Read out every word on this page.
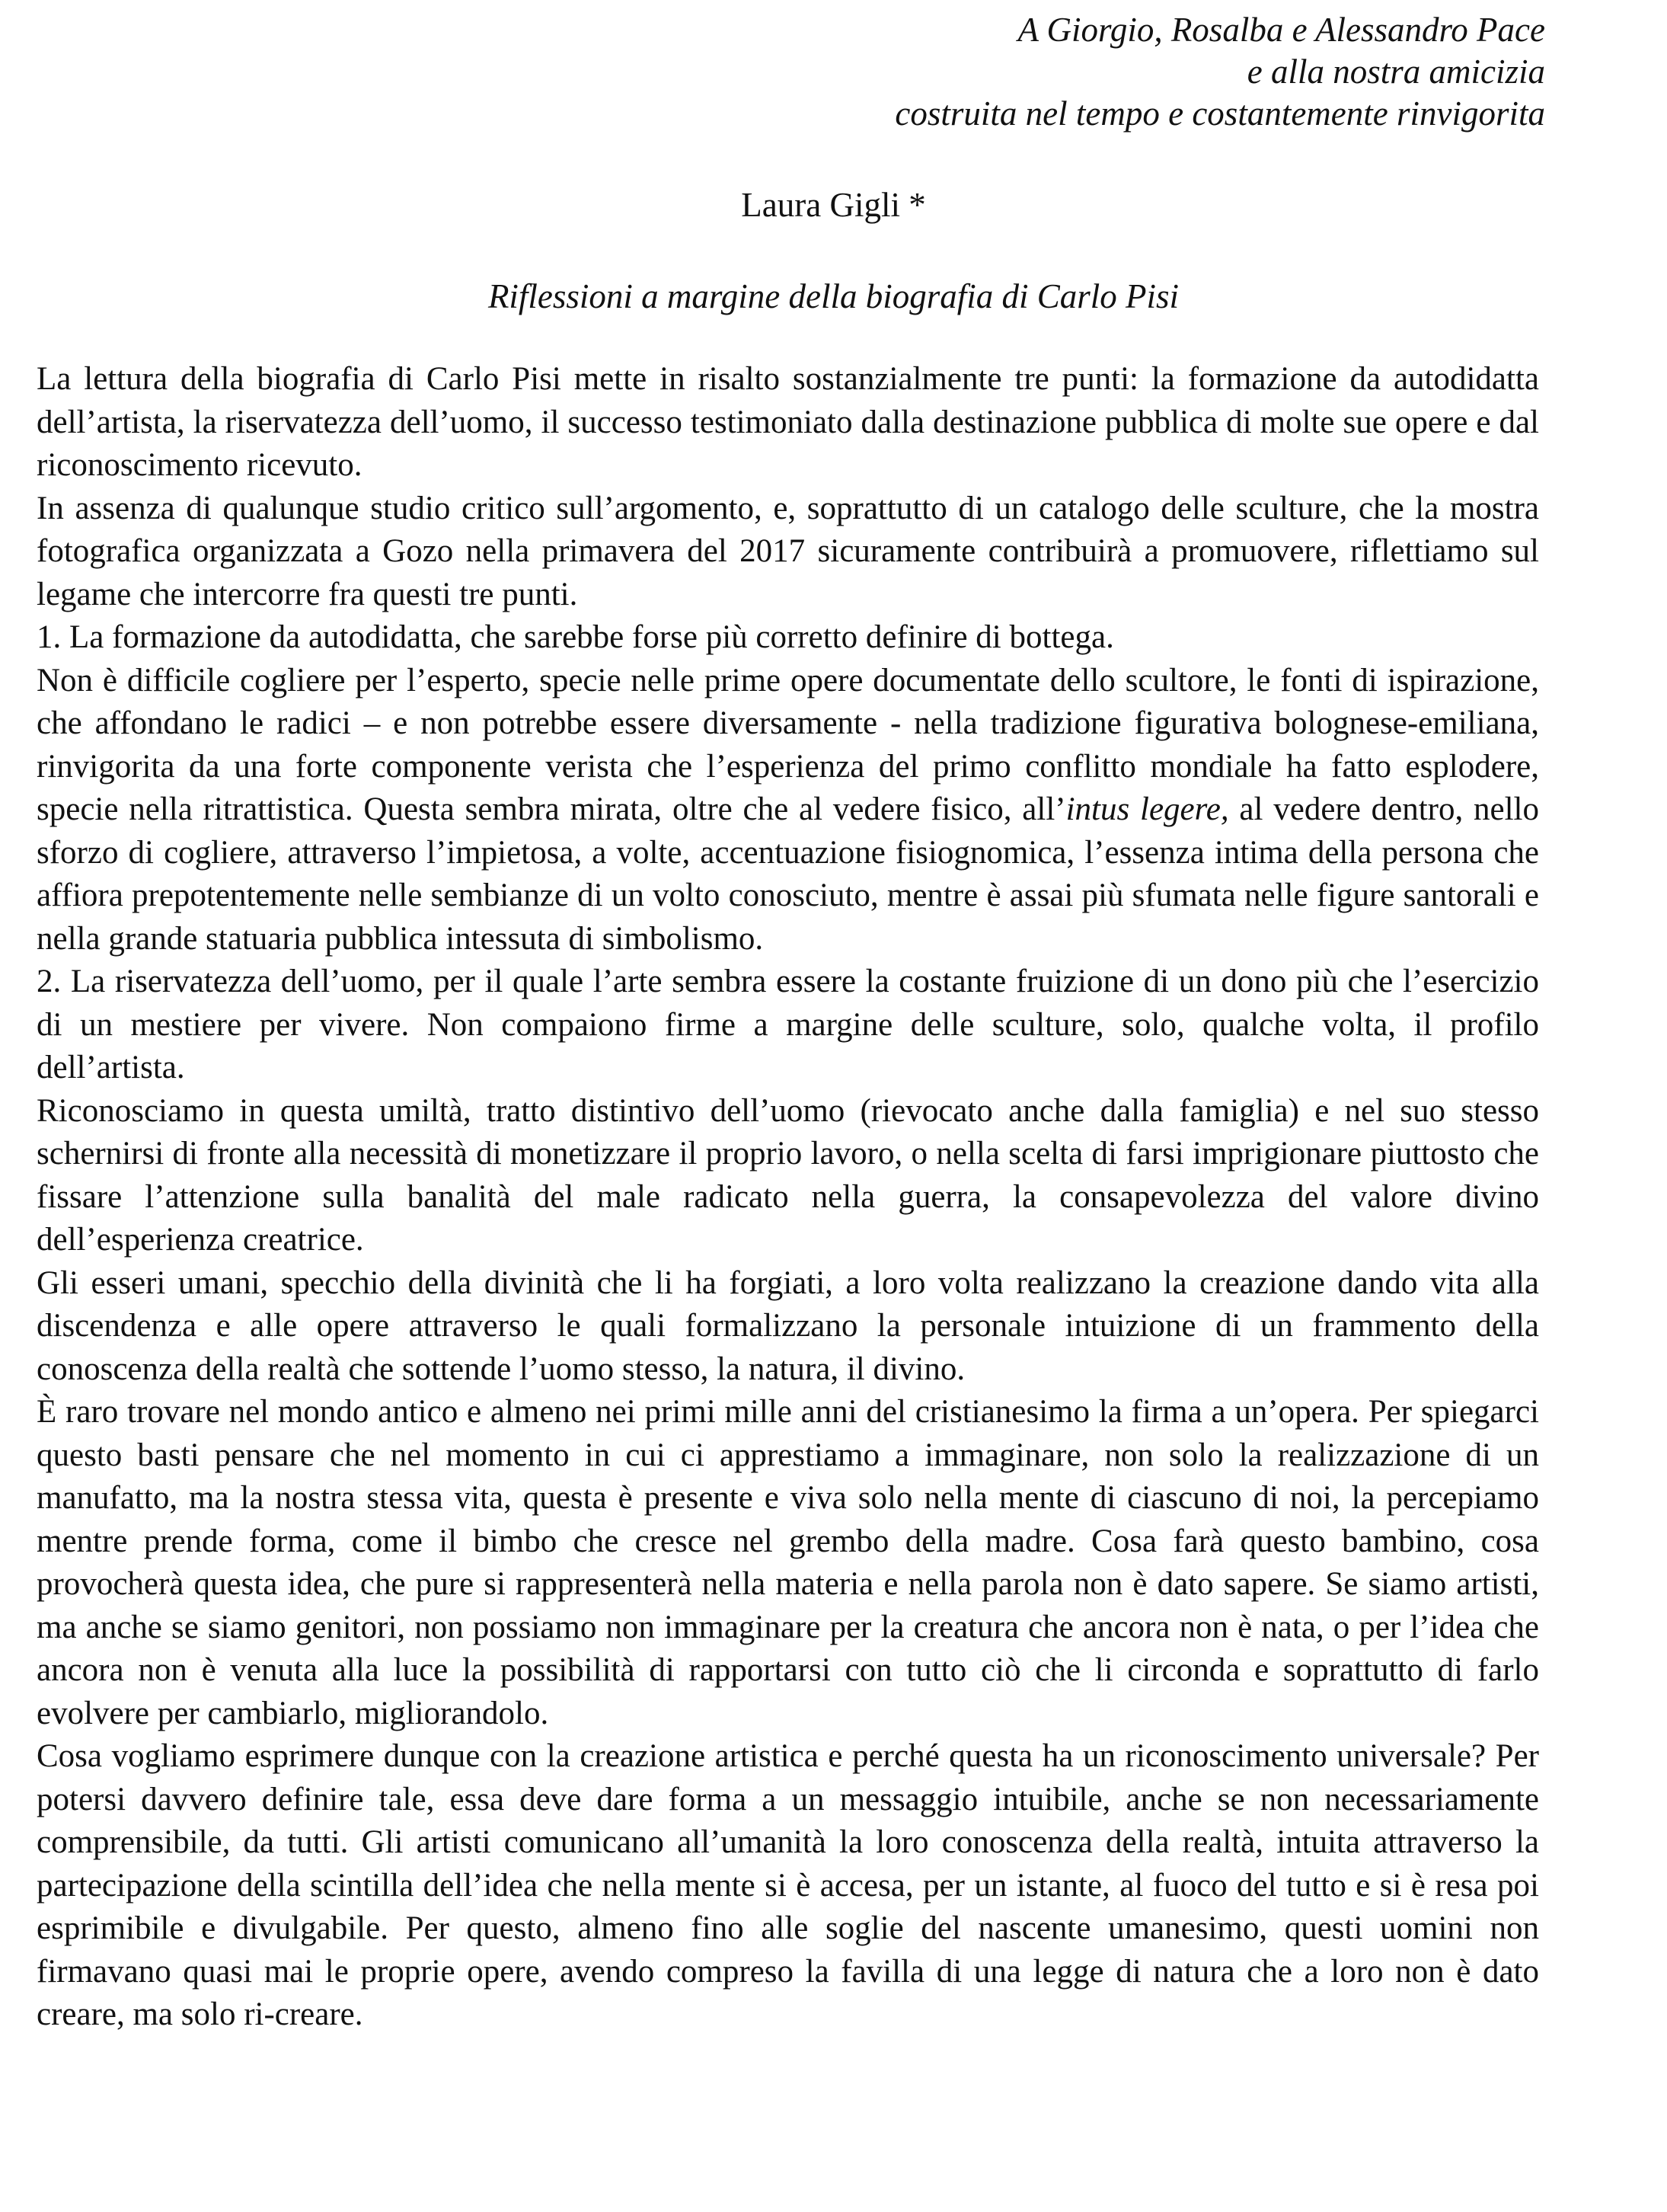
A Giorgio, Rosalba e Alessandro Pace
e alla nostra amicizia
costruita nel tempo e costantemente rinvigorita
Laura Gigli *
Riflessioni a margine della biografia di Carlo Pisi

La lettura della biografia di Carlo Pisi mette in risalto sostanzialmente tre punti: la formazione da autodidatta dell’artista, la riservatezza dell’uomo, il successo testimoniato dalla destinazione pubblica di molte sue opere e dal riconoscimento ricevuto.

In assenza di qualunque studio critico sull’argomento, e, soprattutto di un catalogo delle sculture, che la mostra fotografica organizzata a Gozo nella primavera del 2017 sicuramente contribuirà a promuovere, riflettiamo sul legame che intercorre fra questi tre punti.

1. La formazione da autodidatta, che sarebbe forse più corretto definire di bottega.

Non è difficile cogliere per l’esperto, specie nelle prime opere documentate dello scultore, le fonti di ispirazione, che affondano le radici – e non potrebbe essere diversamente - nella tradizione figurativa bolognese-emiliana, rinvigorita da una forte componente verista che l’esperienza del primo conflitto mondiale ha fatto esplodere, specie nella ritrattistica. Questa sembra mirata, oltre che al vedere fisico, all’intus legere, al vedere dentro, nello sforzo di cogliere, attraverso l’impietosa, a volte, accentuazione fisiognomica, l’essenza intima della persona che affiora prepotentemente nelle sembianze di un volto conosciuto, mentre è assai più sfumata nelle figure santorali e nella grande statuaria pubblica intessuta di simbolismo.

2. La riservatezza dell’uomo, per il quale l’arte sembra essere la costante fruizione di un dono più che l’esercizio di un mestiere per vivere. Non compaiono firme a margine delle sculture, solo, qualche volta, il profilo dell’artista.

Riconosciamo in questa umiltà, tratto distintivo dell’uomo (rievocato anche dalla famiglia) e nel suo stesso schernirsi di fronte alla necessità di monetizzare il proprio lavoro, o nella scelta di farsi imprigionare piuttosto che fissare l’attenzione sulla banalità del male radicato nella guerra, la consapevolezza del valore divino dell’esperienza creatrice.

Gli esseri umani, specchio della divinità che li ha forgiati, a loro volta realizzano la creazione dando vita alla discendenza e alle opere attraverso le quali formalizzano la personale intuizione di un frammento della conoscenza della realtà che sottende l’uomo stesso, la natura, il divino.

È raro trovare nel mondo antico e almeno nei primi mille anni del cristianesimo la firma a un’opera. Per spiegarci questo basti pensare che nel momento in cui ci apprestiamo a immaginare, non solo la realizzazione di un manufatto, ma la nostra stessa vita, questa è presente e viva solo nella mente di ciascuno di noi, la percepiamo mentre prende forma, come il bimbo che cresce nel grembo della madre. Cosa farà questo bambino, cosa provocherà questa idea, che pure si rappresenterà nella materia e nella parola non è dato sapere. Se siamo artisti, ma anche se siamo genitori, non possiamo non immaginare per la creatura che ancora non è nata, o per l’idea che ancora non è venuta alla luce la possibilità di rapportarsi con tutto ciò che li circonda e soprattutto di farlo evolvere per cambiarlo, migliorandolo.

Cosa vogliamo esprimere dunque con la creazione artistica e perché questa ha un riconoscimento universale? Per potersi davvero definire tale, essa deve dare forma a un messaggio intuibile, anche se non necessariamente comprensibile, da tutti. Gli artisti comunicano all’umanità la loro conoscenza della realtà, intuita attraverso la partecipazione della scintilla dell’idea che nella mente si è accesa, per un istante, al fuoco del tutto e si è resa poi esprimibile e divulgabile. Per questo, almeno fino alle soglie del nascente umanesimo, questi uomini non firmavano quasi mai le proprie opere, avendo compreso la favilla di una legge di natura che a loro non è dato creare, ma solo ri-creare.
